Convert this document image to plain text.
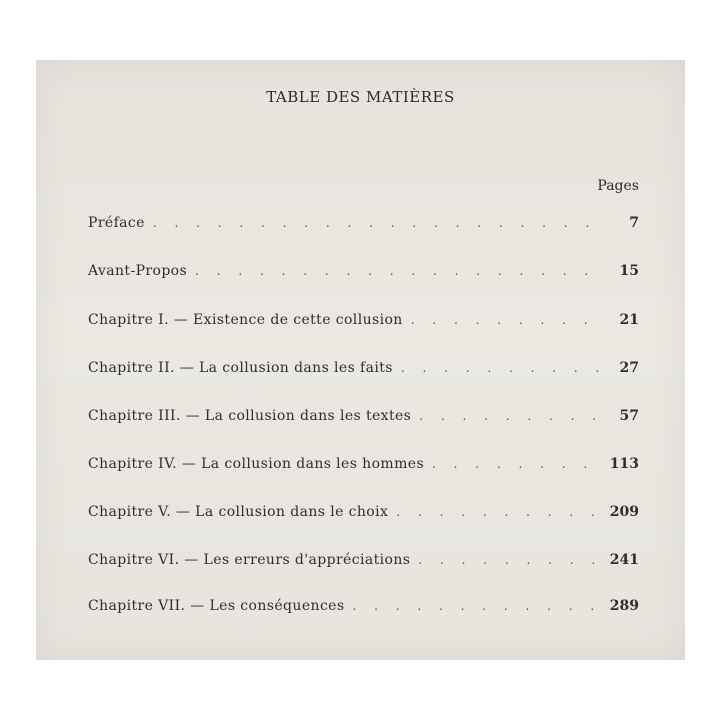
TABLE DES MATIÈRES
Pages
Préface . . .	7
Avant-Propos . . .	15
Chapitre I. — Existence de cette collusion . . .	21
Chapitre II. — La collusion dans les faits . . .	27
Chapitre III. — La collusion dans les textes . . .	57
Chapitre IV. — La collusion dans les hommes . . .	113
Chapitre V. — La collusion dans le choix . . .	209
Chapitre VI. — Les erreurs d'appréciations . . .	241
Chapitre VII. — Les conséquences . . .	289
